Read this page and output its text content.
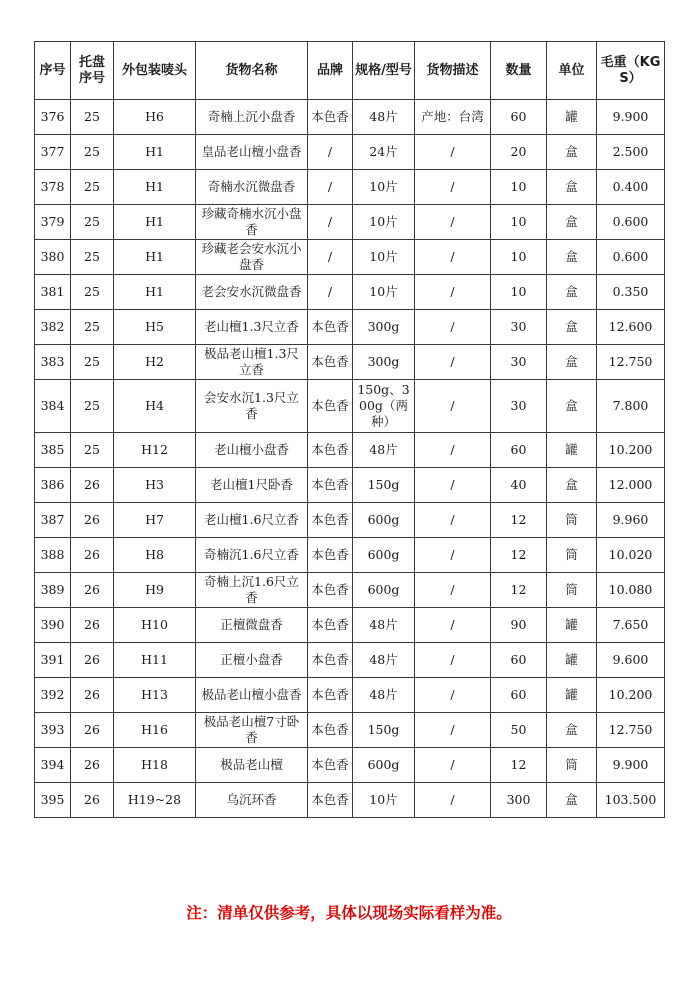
序号	托盘序号	外包装唛头	货物名称	品牌	规格/型号	货物描述	数量	单位	毛重（KGS）
376	25	H6	奇楠上沉小盘香	本色香	48片	产地：台湾	60	罐	9.900
377	25	H1	皇品老山檀小盘香	/	24片	/	20	盒	2.500
378	25	H1	奇楠水沉微盘香	/	10片	/	10	盒	0.400
379	25	H1	珍藏奇楠水沉小盘香	/	10片	/	10	盒	0.600
380	25	H1	珍藏老会安水沉小盘香	/	10片	/	10	盒	0.600
381	25	H1	老会安水沉微盘香	/	10片	/	10	盒	0.350
382	25	H5	老山檀1.3尺立香	本色香	300g	/	30	盒	12.600
383	25	H2	极品老山檀1.3尺立香	本色香	300g	/	30	盒	12.750
384	25	H4	会安水沉1.3尺立香	本色香	150g、300g（两种）	/	30	盒	7.800
385	25	H12	老山檀小盘香	本色香	48片	/	60	罐	10.200
386	26	H3	老山檀1尺卧香	本色香	150g	/	40	盒	12.000
387	26	H7	老山檀1.6尺立香	本色香	600g	/	12	筒	9.960
388	26	H8	奇楠沉1.6尺立香	本色香	600g	/	12	筒	10.020
389	26	H9	奇楠上沉1.6尺立香	本色香	600g	/	12	筒	10.080
390	26	H10	正檀微盘香	本色香	48片	/	90	罐	7.650
391	26	H11	正檀小盘香	本色香	48片	/	60	罐	9.600
392	26	H13	极品老山檀小盘香	本色香	48片	/	60	罐	10.200
393	26	H16	极品老山檀7寸卧香	本色香	150g	/	50	盒	12.750
394	26	H18	极品老山檀	本色香	600g	/	12	筒	9.900
395	26	H19~28	乌沉环香	本色香	10片	/	300	盒	103.500
注：清单仅供参考，具体以现场实际看样为准。
